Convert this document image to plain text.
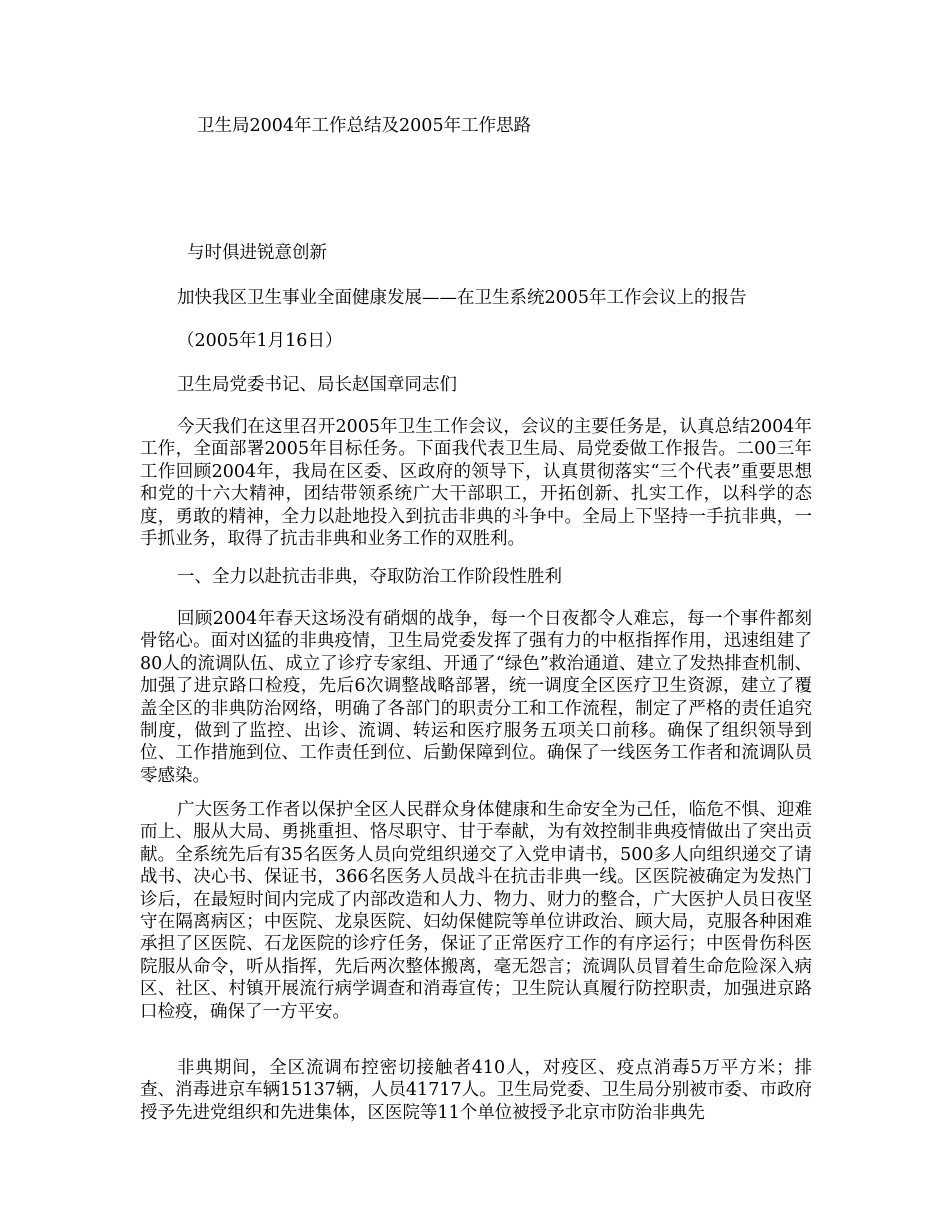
卫生局2004年工作总结及2005年工作思路
与时俱进锐意创新
加快我区卫生事业全面健康发展——在卫生系统2005年工作会议上的报告
（2005年1月16日）
卫生局党委书记、局长赵国章同志们

今天我们在这里召开2005年卫生工作会议，会议的主要任务是，认真总结2004年工作，全面部署2005年目标任务。下面我代表卫生局、局党委做工作报告。二00三年工作回顾2004年，我局在区委、区政府的领导下，认真贯彻落实“三个代表”重要思想和党的十六大精神，团结带领系统广大干部职工，开拓创新、扎实工作，以科学的态度，勇敢的精神，全力以赴地投入到抗击非典的斗争中。全局上下坚持一手抗非典，一手抓业务，取得了抗击非典和业务工作的双胜利。

一、全力以赴抗击非典，夺取防治工作阶段性胜利

回顾2004年春天这场没有硝烟的战争，每一个日夜都令人难忘，每一个事件都刻骨铭心。面对凶猛的非典疫情，卫生局党委发挥了强有力的中枢指挥作用，迅速组建了80人的流调队伍、成立了诊疗专家组、开通了“绿色”救治通道、建立了发热排查机制、加强了进京路口检疫，先后6次调整战略部署，统一调度全区医疗卫生资源，建立了覆盖全区的非典防治网络，明确了各部门的职责分工和工作流程，制定了严格的责任追究制度，做到了监控、出诊、流调、转运和医疗服务五项关口前移。确保了组织领导到位、工作措施到位、工作责任到位、后勤保障到位。确保了一线医务工作者和流调队员零感染。

广大医务工作者以保护全区人民群众身体健康和生命安全为己任，临危不惧、迎难而上、服从大局、勇挑重担、恪尽职守、甘于奉献，为有效控制非典疫情做出了突出贡献。全系统先后有35名医务人员向党组织递交了入党申请书，500多人向组织递交了请战书、决心书、保证书，366名医务人员战斗在抗击非典一线。区医院被确定为发热门诊后，在最短时间内完成了内部改造和人力、物力、财力的整合，广大医护人员日夜坚守在隔离病区；中医院、龙泉医院、妇幼保健院等单位讲政治、顾大局，克服各种困难承担了区医院、石龙医院的诊疗任务，保证了正常医疗工作的有序运行；中医骨伤科医院服从命令，听从指挥，先后两次整体搬离，毫无怨言；流调队员冒着生命危险深入病区、社区、村镇开展流行病学调查和消毒宣传；卫生院认真履行防控职责，加强进京路口检疫，确保了一方平安。

非典期间，全区流调布控密切接触者410人，对疫区、疫点消毒5万平方米；排查、消毒进京车辆15137辆，人员41717人。卫生局党委、卫生局分别被市委、市政府授予先进党组织和先进集体，区医院等11个单位被授予北京市防治非典先
